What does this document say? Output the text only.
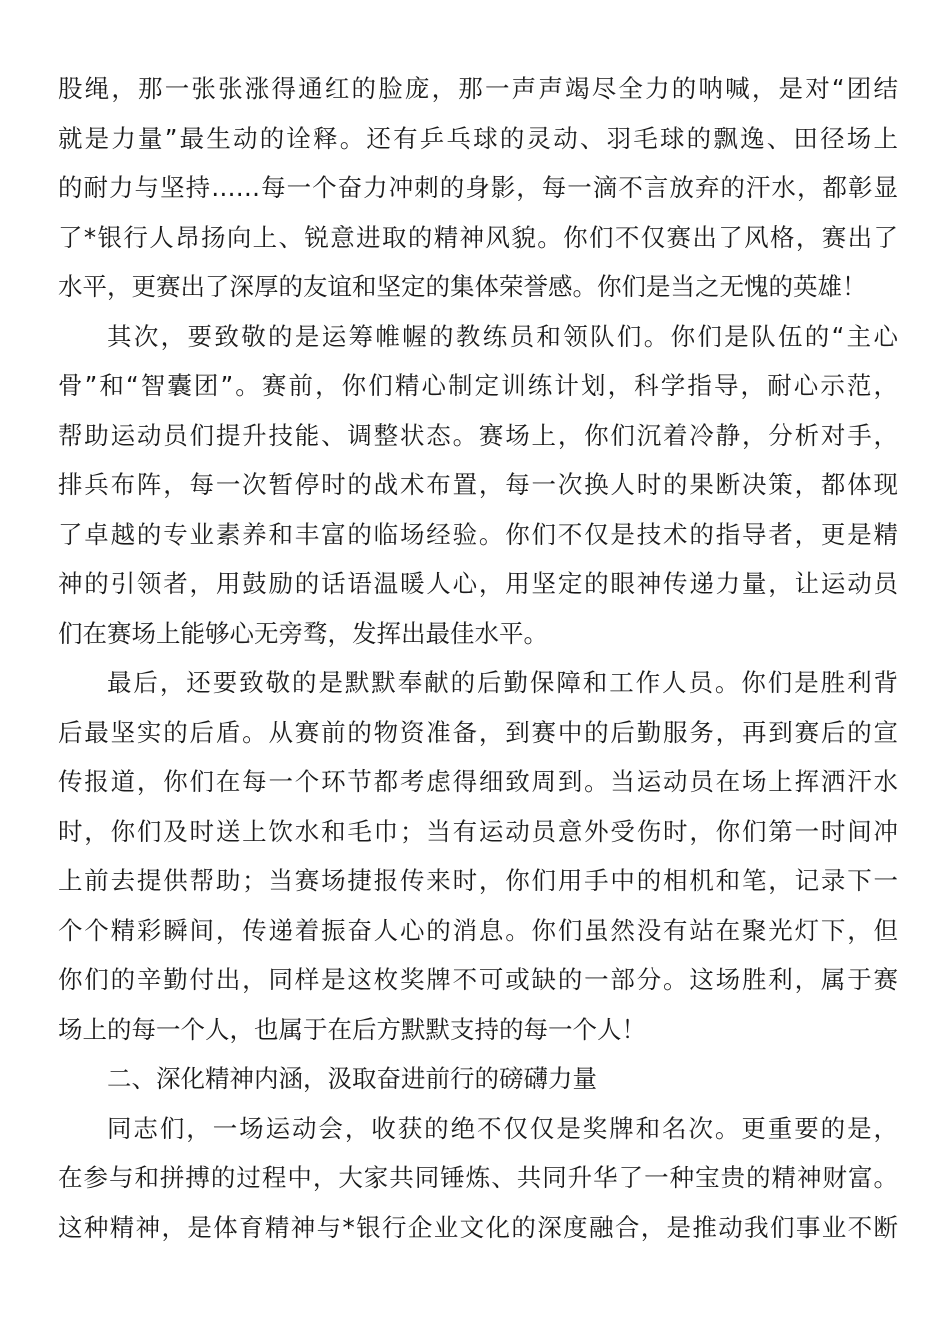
股绳，那一张张涨得通红的脸庞，那一声声竭尽全力的呐喊，是对“团结
就是力量”最生动的诠释。还有乒乓球的灵动、羽毛球的飘逸、田径场上
的耐力与坚持……每一个奋力冲刺的身影，每一滴不言放弃的汗水，都彰显
了*银行人昂扬向上、锐意进取的精神风貌。你们不仅赛出了风格，赛出了
水平，更赛出了深厚的友谊和坚定的集体荣誉感。你们是当之无愧的英雄！
其次，要致敬的是运筹帷幄的教练员和领队们。你们是队伍的“主心
骨”和“智囊团”。赛前，你们精心制定训练计划，科学指导，耐心示范，
帮助运动员们提升技能、调整状态。赛场上，你们沉着冷静，分析对手，
排兵布阵，每一次暂停时的战术布置，每一次换人时的果断决策，都体现
了卓越的专业素养和丰富的临场经验。你们不仅是技术的指导者，更是精
神的引领者，用鼓励的话语温暖人心，用坚定的眼神传递力量，让运动员
们在赛场上能够心无旁骛，发挥出最佳水平。
最后，还要致敬的是默默奉献的后勤保障和工作人员。你们是胜利背
后最坚实的后盾。从赛前的物资准备，到赛中的后勤服务，再到赛后的宣
传报道，你们在每一个环节都考虑得细致周到。当运动员在场上挥洒汗水
时，你们及时送上饮水和毛巾；当有运动员意外受伤时，你们第一时间冲
上前去提供帮助；当赛场捷报传来时，你们用手中的相机和笔，记录下一
个个精彩瞬间，传递着振奋人心的消息。你们虽然没有站在聚光灯下，但
你们的辛勤付出，同样是这枚奖牌不可或缺的一部分。这场胜利，属于赛
场上的每一个人，也属于在后方默默支持的每一个人！
二、深化精神内涵，汲取奋进前行的磅礴力量
同志们，一场运动会，收获的绝不仅仅是奖牌和名次。更重要的是，
在参与和拼搏的过程中，大家共同锤炼、共同升华了一种宝贵的精神财富。
这种精神，是体育精神与*银行企业文化的深度融合，是推动我们事业不断
